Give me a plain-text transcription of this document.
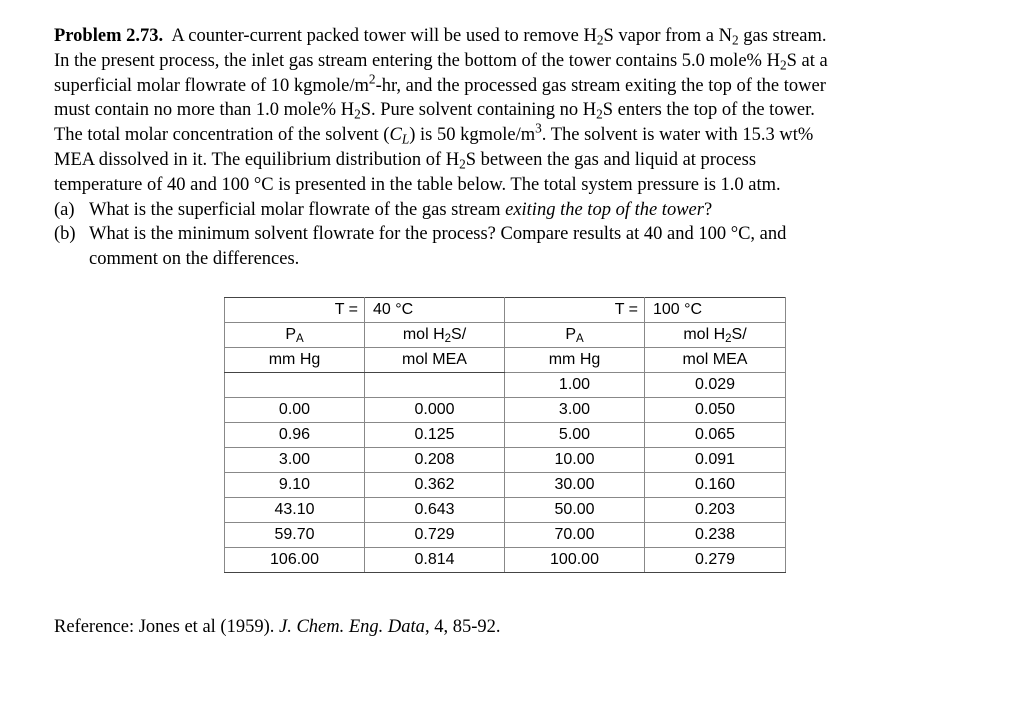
Problem 2.73. A counter-current packed tower will be used to remove $H_2S$ vapor from a $N_2$ gas stream.
In the present process, the inlet gas stream entering the bottom of the tower contains 5.0 mole% $H_2S$ at a
superficial molar flowrate of 10 kgmole/$m^2-hr$, and the processed gas stream exiting the top of the tower
must contain no more than 1.0 mole% $H_2S$. Pure solvent containing no $H_2S$ enters the top of the tower.
The total molar concentration of the solvent $(C_L)$ is 50 kgmole/$m^3$. The solvent is water with 15.3 wt%
MEA dissolved in it. The equilibrium distribution of $H_2S$ between the gas and liquid at process
temperature of 40 and 100 °C is presented in the table below. The total system pressure is 1.0 atm.
(a) What is the superficial molar flowrate of the gas stream exiting the top of the tower?
(b) What is the minimum solvent flowrate for the process? Compare results at 40 and 100 °C, and
comment on the differences.
T =	40 °C	T =	100 °C
$P_A$	mol $H_2S/$	$P_A$	mol $H_2S/$
mm Hg	mol MEA	mm Hg	mol MEA
		1.00	0.029
0.00	0.000	3.00	0.050
0.96	0.125	5.00	0.065
3.00	0.208	10.00	0.091
9.10	0.362	30.00	0.160
43.10	0.643	50.00	0.203
59.70	0.729	70.00	0.238
106.00	0.814	100.00	0.279
Reference: Jones et al (1959). J. Chem. Eng. Data, 4, 85-92.
